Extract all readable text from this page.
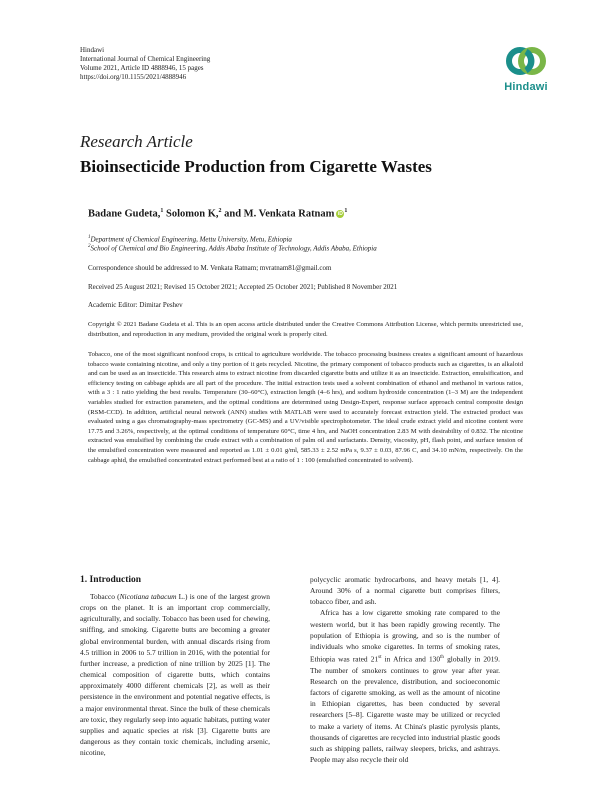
Hindawi
International Journal of Chemical Engineering
Volume 2021, Article ID 4888946, 15 pages
https://doi.org/10.1155/2021/4888946
Hindawi
Research Article
Bioinsecticide Production from Cigarette Wastes
Badane Gudeta,$^1$ Solomon K,$^2$ and M. Venkata Ratnam $iD^1$
$^1$Department of Chemical Engineering, Mettu University, Metu, Ethiopia
$^2$School of Chemical and Bio Engineering, Addis Ababa Institute of Technology, Addis Ababa, Ethiopia
Correspondence should be addressed to M. Venkata Ratnam; mvratnam81@gmail.com
Received 25 August 2021; Revised 15 October 2021; Accepted 25 October 2021; Published 8 November 2021
Academic Editor: Dimitar Peshev
Copyright © 2021 Badane Gudeta et al. This is an open access article distributed under the Creative Commons Attribution License, which permits unrestricted use, distribution, and reproduction in any medium, provided the original work is properly cited.
Tobacco, one of the most significant nonfood crops, is critical to agriculture worldwide. The tobacco processing business creates a significant amount of hazardous tobacco waste containing nicotine, and only a tiny portion of it gets recycled. Nicotine, the primary component of tobacco products such as cigarettes, is an alkaloid and can be used as an insecticide. This research aims to extract nicotine from discarded cigarette butts and utilize it as an insecticide. Extraction, emulsification, and efficiency testing on cabbage aphids are all part of the procedure. The initial extraction tests used a solvent combination of ethanol and methanol in various ratios, with a 3 : 1 ratio yielding the best results. Temperature (30–60°C), extraction length (4–6 hrs), and sodium hydroxide concentration (1–3 M) are the independent variables studied for extraction parameters, and the optimal conditions are determined using Design-Expert, response surface approach central composite design (RSM-CCD). In addition, artificial neural network (ANN) studies with MATLAB were used to accurately forecast extraction yield. The extracted product was evaluated using a gas chromatography-mass spectrometry (GC-MS) and a UV/visible spectrophotometer. The ideal crude extract yield and nicotine content were 17.75 and 3.26%, respectively, at the optimal conditions of temperature 60°C, time 4 hrs, and NaOH concentration 2.83 M with desirability of 0.832. The nicotine extracted was emulsified by combining the crude extract with a combination of palm oil and surfactants. Density, viscosity, pH, flash point, and surface tension of the emulsified concentration were measured and reported as 1.01 ± 0.01 g/ml, 585.33 ± 2.52 mPa s, 9.37 ± 0.03, 87.96 C, and 34.10 mN/m, respectively. On the cabbage aphid, the emulsified concentrated extract performed best at a ratio of 1 : 100 (emulsified concentrated to solvent).
1. Introduction

Tobacco (Nicotiana tabacum L.) is one of the largest grown crops on the planet. It is an important crop commercially, agriculturally, and socially. Tobacco has been used for chewing, sniffing, and smoking. Cigarette butts are becoming a greater global environmental burden, with annual discards rising from 4.5 trillion in 2006 to 5.7 trillion in 2016, with the potential for further increase, a prediction of nine trillion by 2025 [1]. The chemical composition of cigarette butts, which contains approximately 4000 different chemicals [2], as well as their persistence in the environment and potential negative effects, is a major environmental threat. Since the bulk of these chemicals are toxic, they regularly seep into aquatic habitats, putting water supplies and aquatic species at risk [3]. Cigarette butts are dangerous as they contain toxic chemicals, including arsenic, nicotine,

polycyclic aromatic hydrocarbons, and heavy metals [1, 4]. Around 30% of a normal cigarette butt comprises filters, tobacco fiber, and ash.

Africa has a low cigarette smoking rate compared to the western world, but it has been rapidly growing recently. The population of Ethiopia is growing, and so is the number of individuals who smoke cigarettes. In terms of smoking rates, Ethiopia was rated 21st in Africa and 130th globally in 2019. The number of smokers continues to grow year after year. Research on the prevalence, distribution, and socioeconomic factors of cigarette smoking, as well as the amount of nicotine in Ethiopian cigarettes, has been conducted by several researchers [5–8]. Cigarette waste may be utilized or recycled to make a variety of items. At China's plastic pyrolysis plants, thousands of cigarettes are recycled into industrial plastic goods such as shipping pallets, railway sleepers, bricks, and ashtrays. People may also recycle their old
